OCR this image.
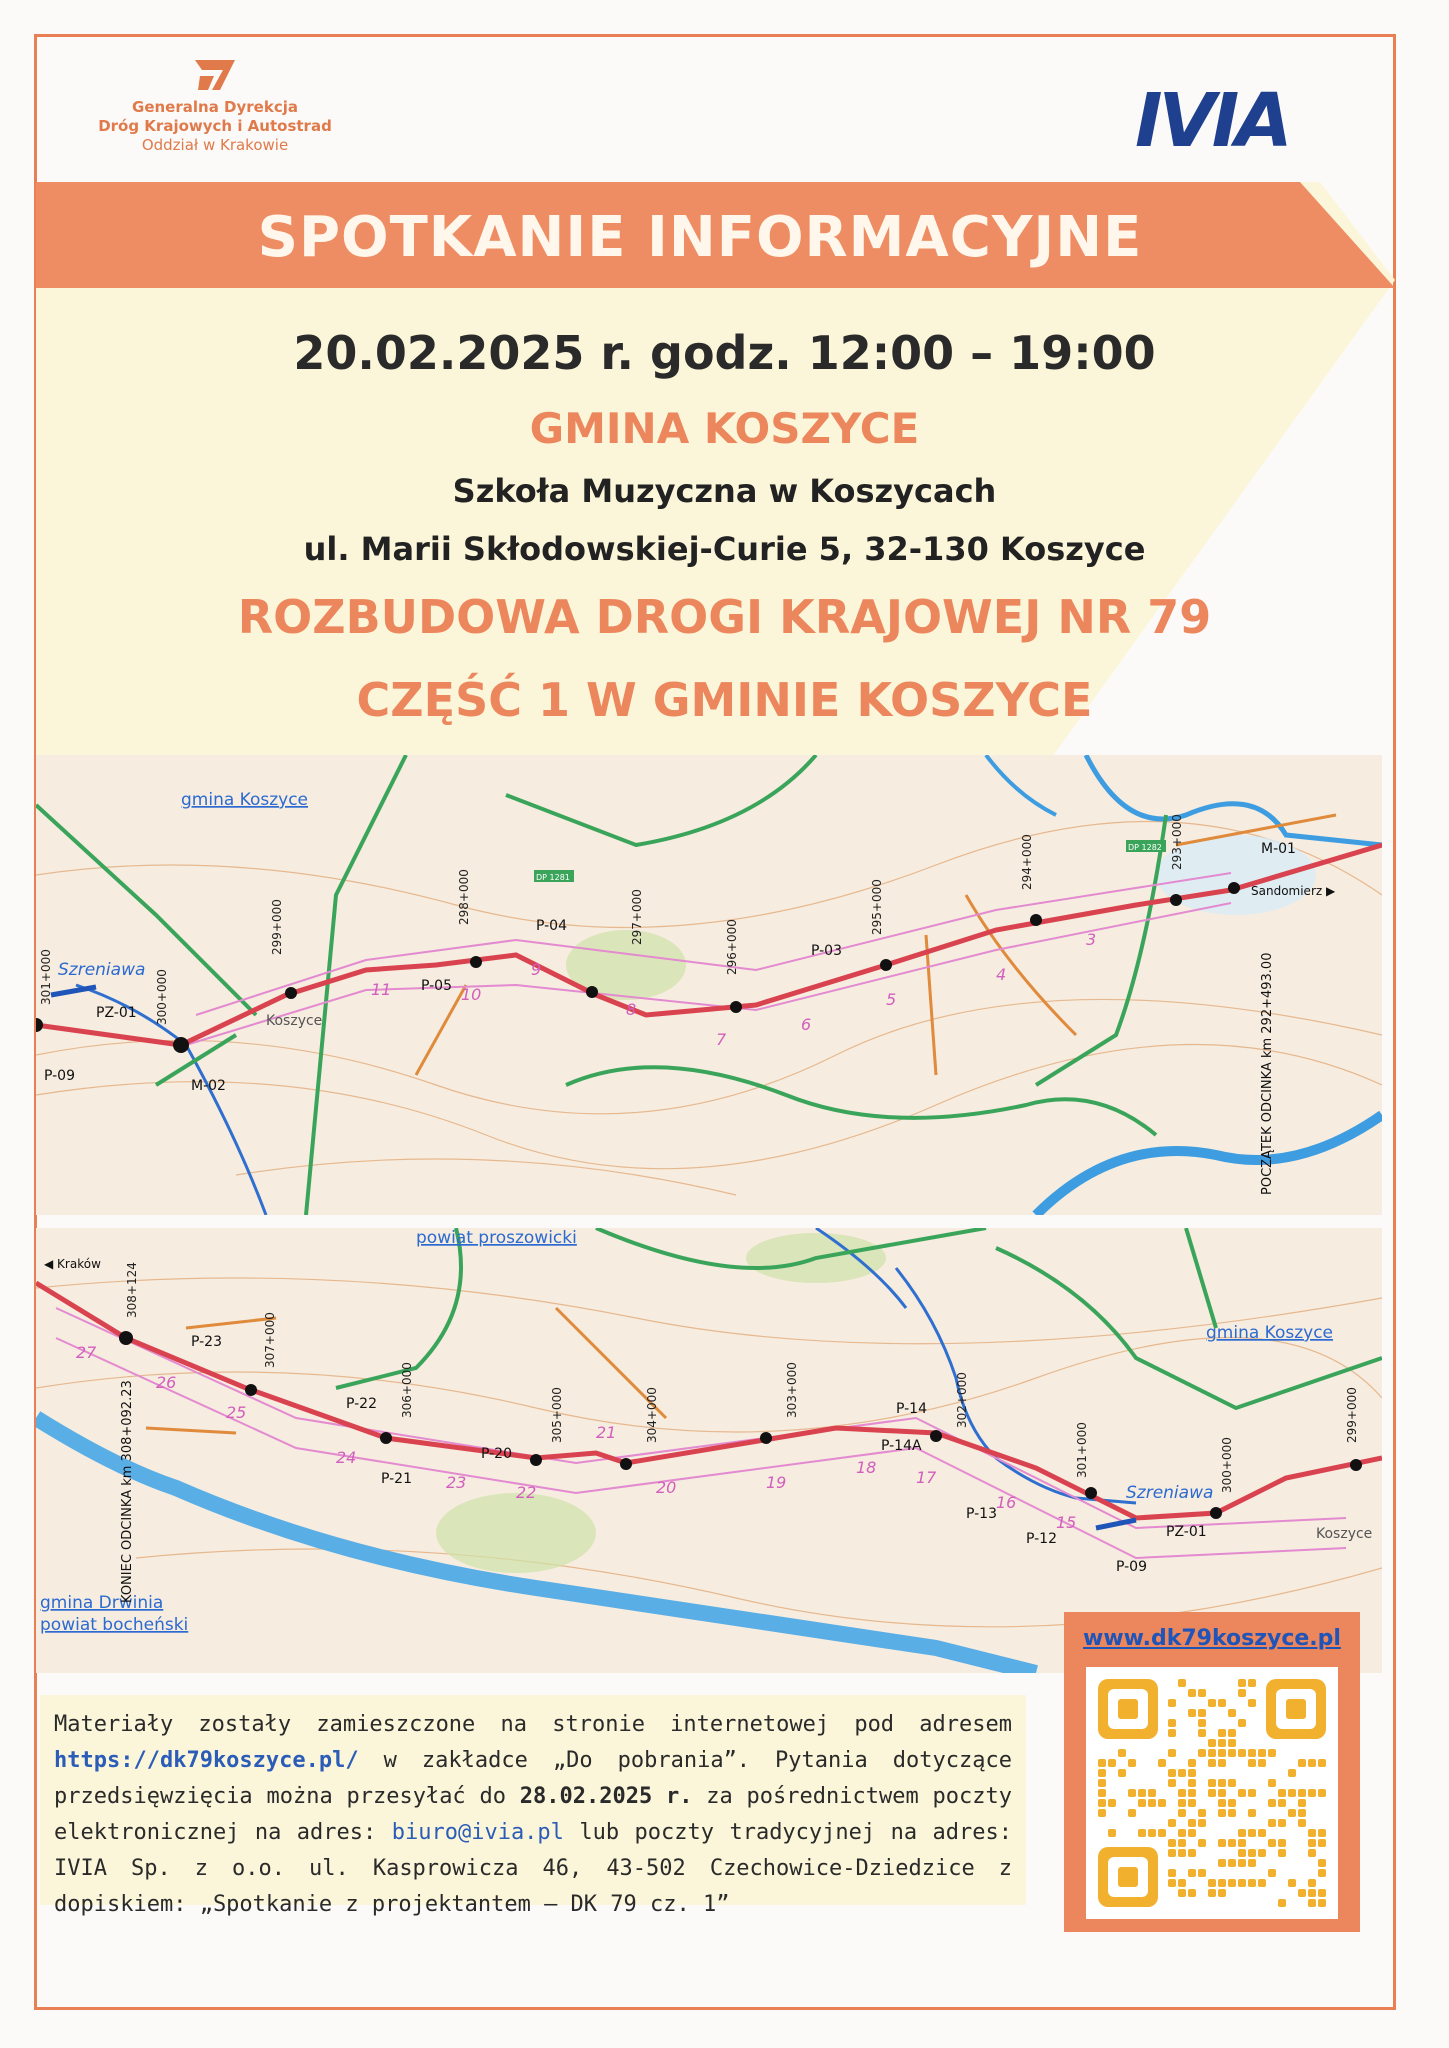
Generalna Dyrekcja
Dróg Krajowych i Autostrad
Oddział w Krakowie	IVIA
SPOTKANIE INFORMACYJNE
20.02.2025 r. godz. 12:00 – 19:00
GMINA KOSZYCE
Szkoła Muzyczna w Koszycach
ul. Marii Skłodowskiej-Curie 5, 32-130 Koszyce
ROZBUDOWA DROGI KRAJOWEJ NR 79
CZĘŚĆ 1 W GMINIE KOSZYCE
301+000	300+000
299+000
298+000	297+000
296+000
295+000
294+000	293+000
PZ-01
P-09
M-02
P-05
P-04
P-03
M-01
Koszyce
Sandomierz ▶
11	10
9
8
7
6
5
4
3
gmina Koszyce
Szreniawa	POCZĄTEK ODCINKA km 292+493.00
DP 1282
DP 1281
308+124
307+000
306+000	305+000	304+000	303+000	302+000
301+000	300+000
299+000
P-23
P-22
P-21
P-20
P-14
P-14A
P-13
P-12
P-09
PZ-01	Koszyce
◀ Kraków
27
26
25
24
23
22
21
20	19
18
17
16
15
powiat proszowicki
gmina Koszyce
gmina Drwinia
powiat bocheński
Szreniawa
KONIEC ODCINKA km 308+092.23
Materiały zostały zamieszczone na stronie internetowej pod adresem https://dk79koszyce.pl/ w zakładce „Do pobrania”. Pytania dotyczące przedsięwzięcia można przesyłać do 28.02.2025 r. za pośrednictwem poczty elektronicznej na adres: biuro@ivia.pl lub poczty tradycyjnej na adres: IVIA Sp. z o.o. ul. Kasprowicza 46, 43-502 Czechowice-Dziedzice z dopiskiem: „Spotkanie z projektantem – DK 79 cz. 1”
www.dk79koszyce.pl
